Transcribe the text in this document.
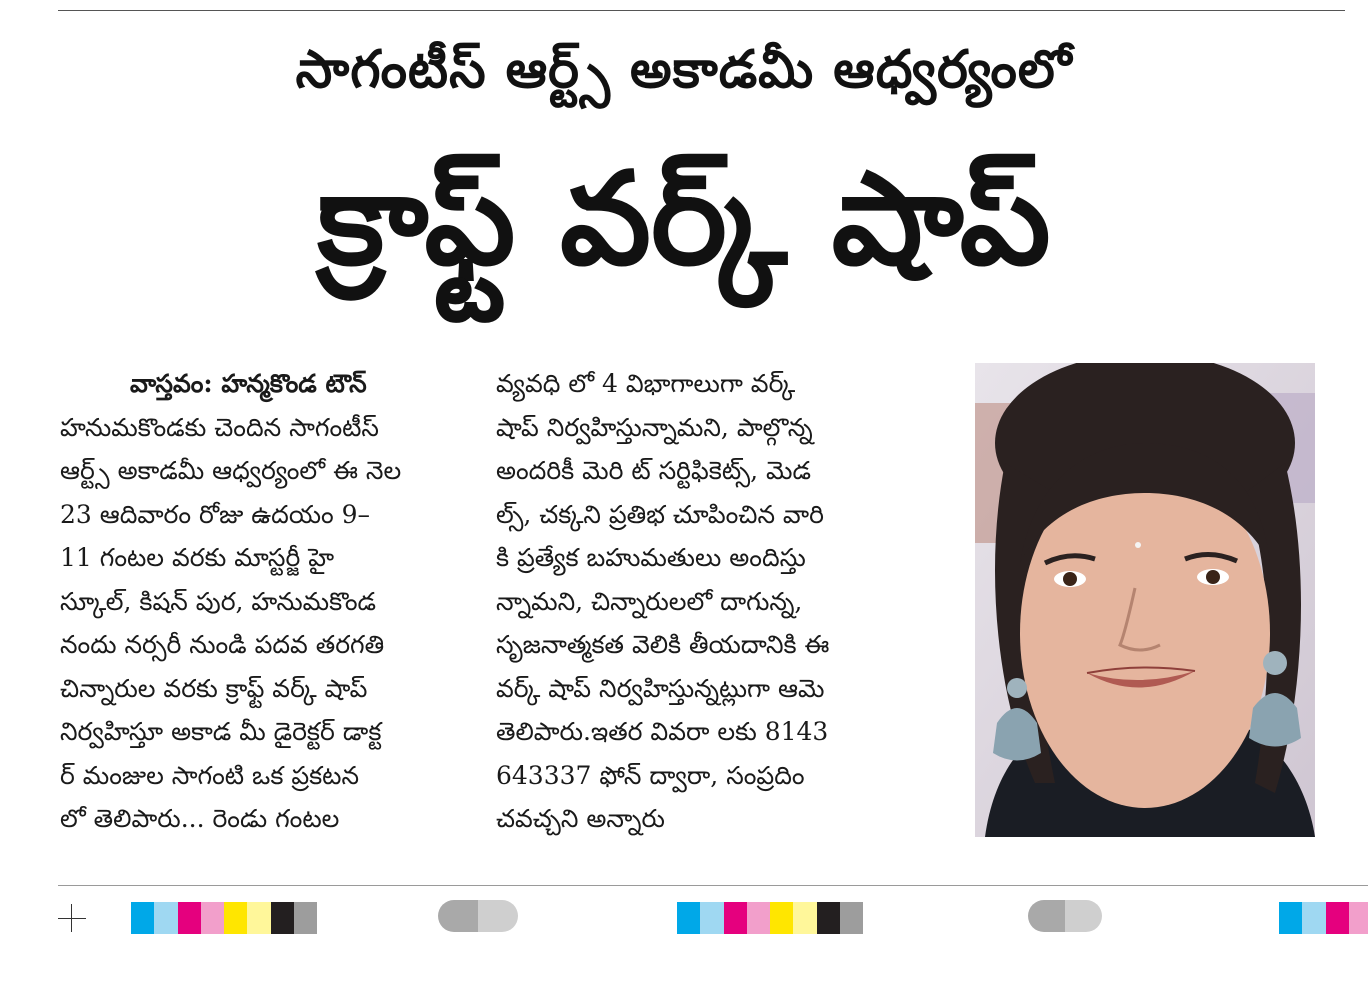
సాగంటీస్ ఆర్ట్స్ అకాడమీ ఆధ్వర్యంలో
క్రాఫ్ట్ వర్క్ షాప్

వాస్తవం: హన్మకొండ టౌన్

హనుమకొండకు చెందిన సాగంటీస్

ఆర్ట్స్ అకాడమీ ఆధ్వర్యంలో ఈ నెల

23 ఆదివారం రోజు ఉదయం 9–

11 గంటల వరకు మాస్టర్జీ హై

స్కూల్, కిషన్ పుర, హనుమకొండ

నందు నర్సరీ నుండి పదవ తరగతి

చిన్నారుల వరకు క్రాఫ్ట్ వర్క్ షాప్

నిర్వహిస్తూ అకాడ మీ డైరెక్టర్ డాక్ట

ర్ మంజుల సాగంటి ఒక ప్రకటన

లో తెలిపారు... రెండు గంటల

వ్యవధి లో 4 విభాగాలుగా వర్క్

షాప్ నిర్వహిస్తున్నామని, పాల్గొన్న

అందరికీ మెరి ట్ సర్టిఫికెట్స్, మెడ

ల్స్, చక్కని ప్రతిభ చూపించిన వారి

కి ప్రత్యేక బహుమతులు అందిస్తు

న్నామని, చిన్నారులలో దాగున్న,

సృజనాత్మకత వెలికి తీయదానికి ఈ

వర్క్ షాప్ నిర్వహిస్తున్నట్లుగా ఆమె

తెలిపారు.ఇతర వివరా లకు 8143

643337 ఫోన్ ద్వారా, సంప్రదిం

చవచ్చని అన్నారు
